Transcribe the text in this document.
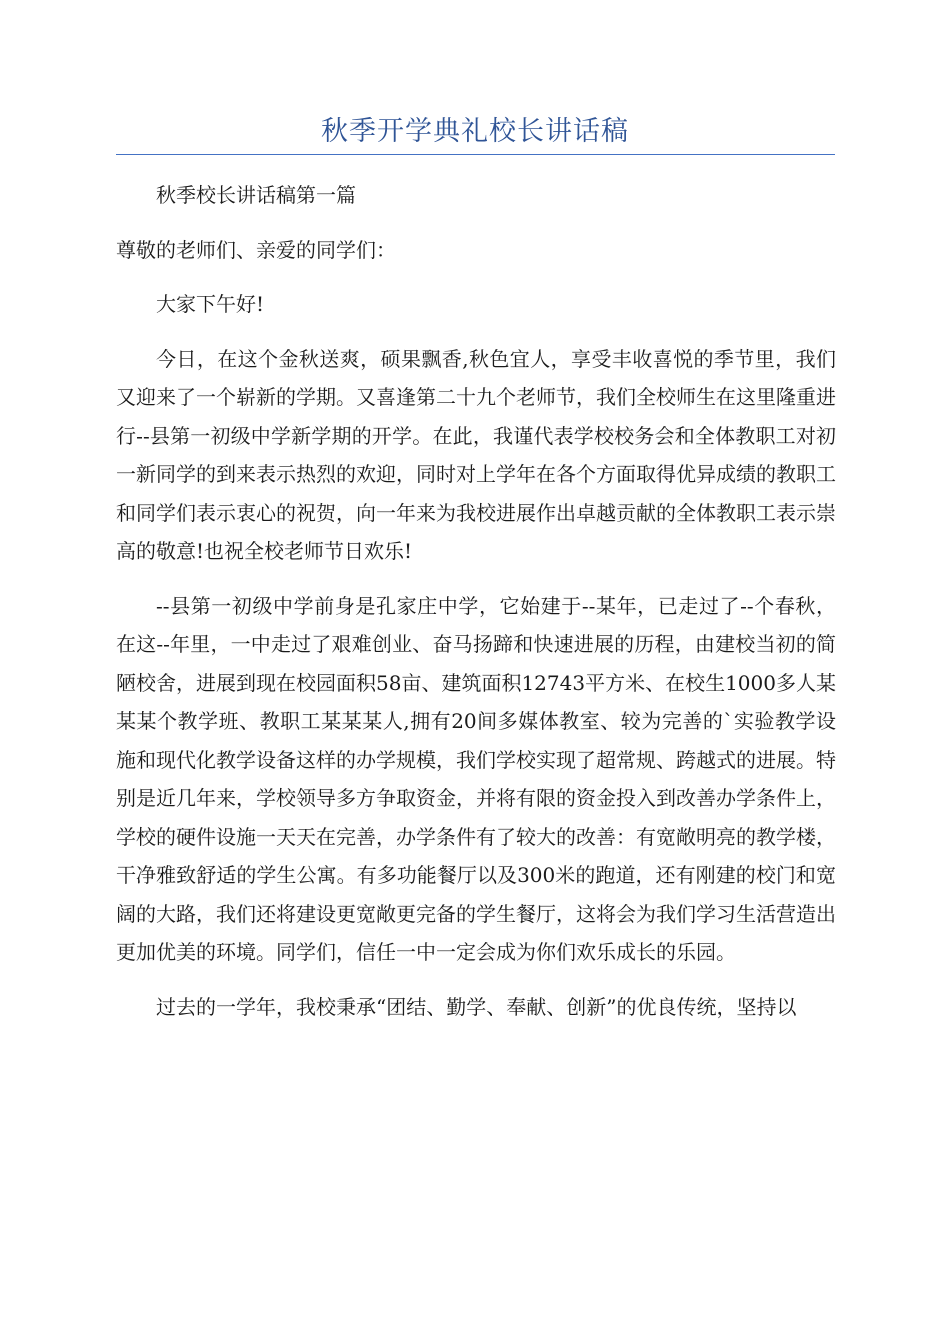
秋季开学典礼校长讲话稿

秋季校长讲话稿第一篇

尊敬的老师们、亲爱的同学们：

大家下午好!

今日，在这个金秋送爽，硕果飘香,秋色宜人，享受丰收喜悦的季节里，我们又迎来了一个崭新的学期。又喜逢第二十九个老师节，我们全校师生在这里隆重进行--县第一初级中学新学期的开学。在此，我谨代表学校校务会和全体教职工对初一新同学的到来表示热烈的欢迎，同时对上学年在各个方面取得优异成绩的教职工和同学们表示衷心的祝贺，向一年来为我校进展作出卓越贡献的全体教职工表示崇高的敬意!也祝全校老师节日欢乐!

--县第一初级中学前身是孔家庄中学，它始建于--某年，已走过了--个春秋，在这--年里，一中走过了艰难创业、奋马扬蹄和快速进展的历程，由建校当初的简陋校舍，进展到现在校园面积58亩、建筑面积12743平方米、在校生1000多人某某某个教学班、教职工某某某人,拥有20间多媒体教室、较为完善的`实验教学设施和现代化教学设备这样的办学规模，我们学校实现了超常规、跨越式的进展。特别是近几年来，学校领导多方争取资金，并将有限的资金投入到改善办学条件上，学校的硬件设施一天天在完善，办学条件有了较大的改善：有宽敞明亮的教学楼，干净雅致舒适的学生公寓。有多功能餐厅以及300米的跑道，还有刚建的校门和宽阔的大路，我们还将建设更宽敞更完备的学生餐厅，这将会为我们学习生活营造出更加优美的环境。同学们，信任一中一定会成为你们欢乐成长的乐园。

过去的一学年，我校秉承“团结、勤学、奉献、创新”的优良传统，坚持以
